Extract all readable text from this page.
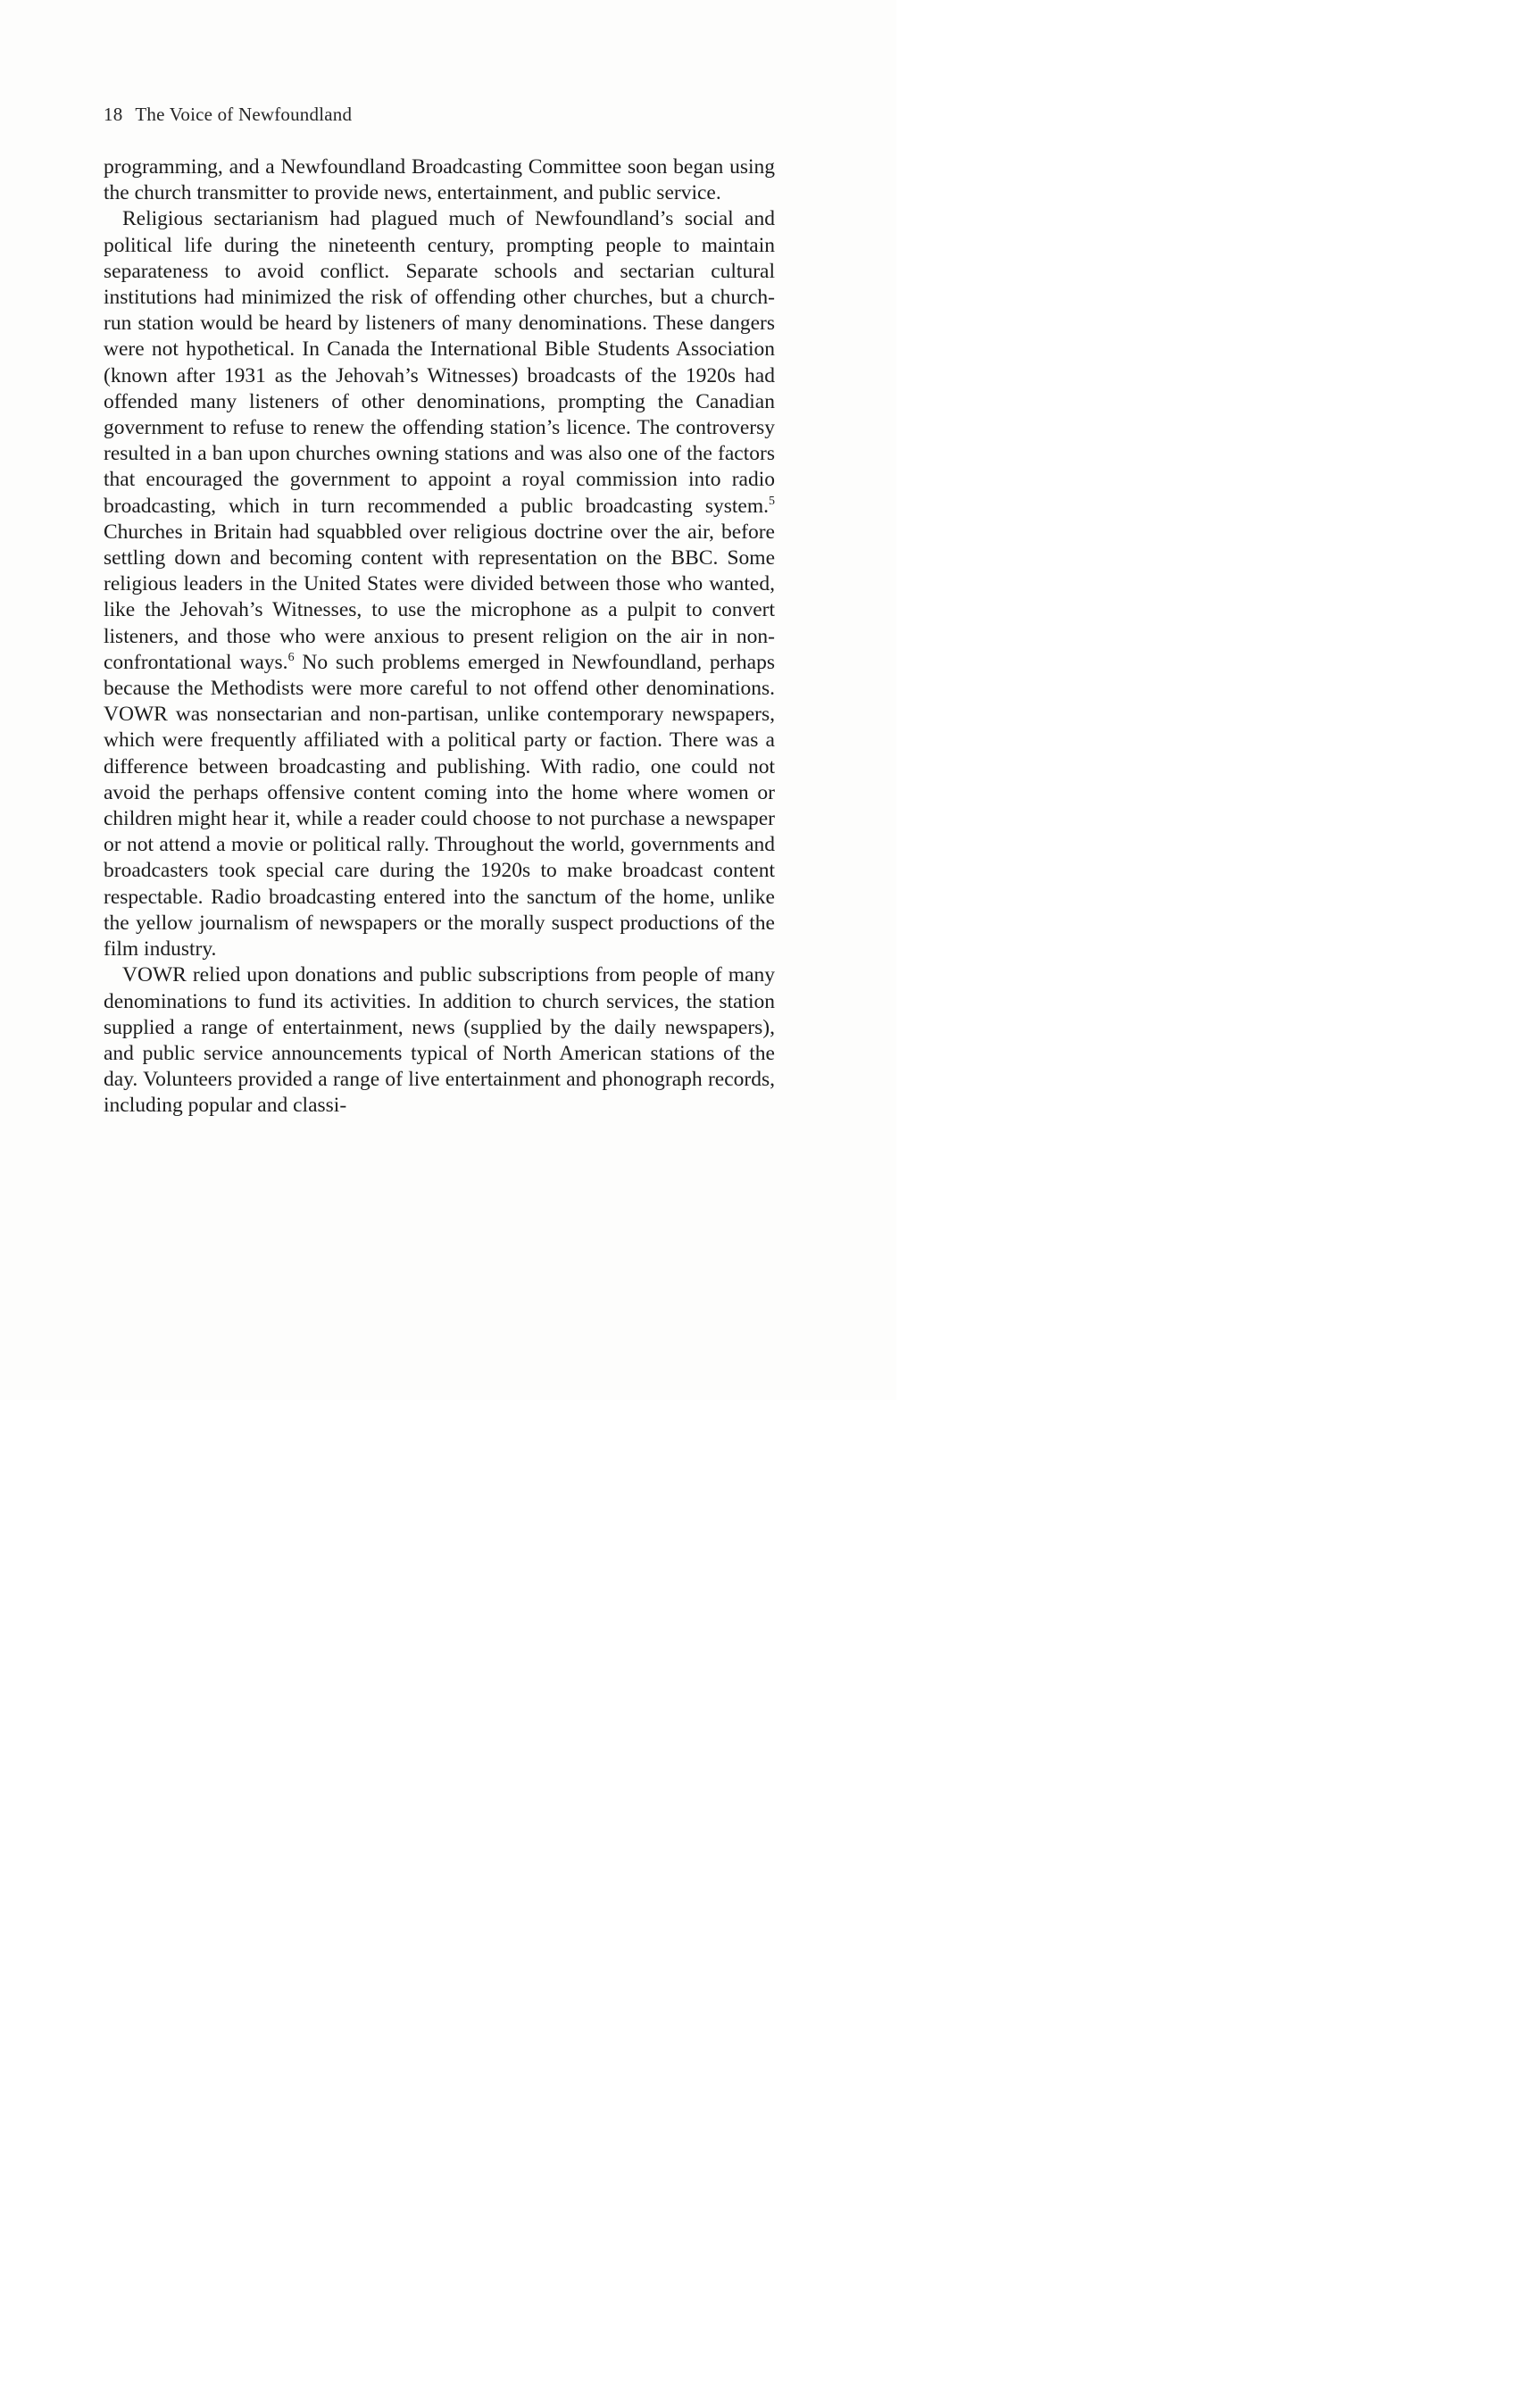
18 The Voice of Newfoundland

programming, and a Newfoundland Broadcasting Committee soon began using the church transmitter to provide news, entertainment, and public service.

Religious sectarianism had plagued much of Newfoundland’s social and political life during the nineteenth century, prompting people to maintain separateness to avoid conflict. Separate schools and sectarian cultural institutions had minimized the risk of offending other churches, but a church-run station would be heard by listeners of many denominations. These dangers were not hypothetical. In Canada the International Bible Students Association (known after 1931 as the Jehovah’s Witnesses) broadcasts of the 1920s had offended many listeners of other denominations, prompting the Canadian government to refuse to renew the offending station’s licence. The controversy resulted in a ban upon churches owning stations and was also one of the factors that encouraged the government to appoint a royal commission into radio broadcasting, which in turn recommended a public broadcasting system.$^5$ Churches in Britain had squabbled over religious doctrine over the air, before settling down and becoming content with representation on the BBC. Some religious leaders in the United States were divided between those who wanted, like the Jehovah’s Witnesses, to use the microphone as a pulpit to convert listeners, and those who were anxious to present religion on the air in non-confrontational ways.$^6$ No such problems emerged in Newfoundland, perhaps because the Methodists were more careful to not offend other denominations. VOWR was nonsectarian and non-partisan, unlike contemporary newspapers, which were frequently affiliated with a political party or faction. There was a difference between broadcasting and publishing. With radio, one could not avoid the perhaps offensive content coming into the home where women or children might hear it, while a reader could choose to not purchase a newspaper or not attend a movie or political rally. Throughout the world, governments and broadcasters took special care during the 1920s to make broadcast content respectable. Radio broadcasting entered into the sanctum of the home, unlike the yellow journalism of newspapers or the morally suspect productions of the film industry.

VOWR relied upon donations and public subscriptions from people of many denominations to fund its activities. In addition to church services, the station supplied a range of entertainment, news (supplied by the daily newspapers), and public service announcements typical of North American stations of the day. Volunteers provided a range of live entertainment and phonograph records, including popular and classi-
